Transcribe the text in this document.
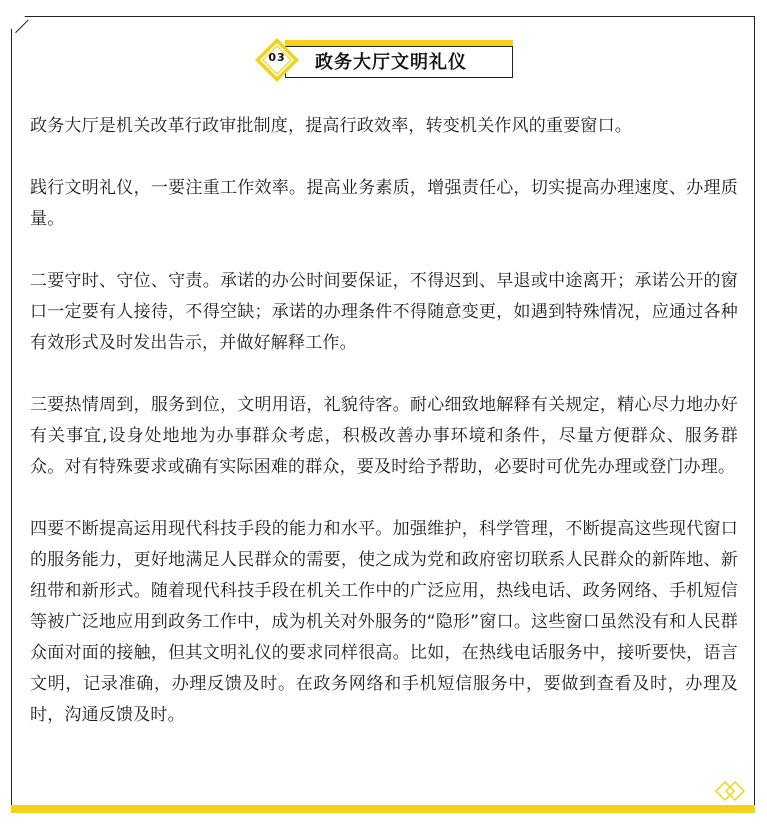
政务大厅文明礼仪
03

政务大厅是机关改革行政审批制度，提高行政效率，转变机关作风的重要窗口。

践行文明礼仪，一要注重工作效率。提高业务素质，增强责任心，切实提高办理速度、办理质量。

二要守时、守位、守责。承诺的办公时间要保证，不得迟到、早退或中途离开；承诺公开的窗口一定要有人接待，不得空缺；承诺的办理条件不得随意变更，如遇到特殊情况，应通过各种有效形式及时发出告示，并做好解释工作。

三要热情周到，服务到位，文明用语，礼貌待客。耐心细致地解释有关规定，精心尽力地办好有关事宜,设身处地地为办事群众考虑，积极改善办事环境和条件，尽量方便群众、服务群众。对有特殊要求或确有实际困难的群众，要及时给予帮助，必要时可优先办理或登门办理。

四要不断提高运用现代科技手段的能力和水平。加强维护，科学管理，不断提高这些现代窗口的服务能力，更好地满足人民群众的需要，使之成为党和政府密切联系人民群众的新阵地、新纽带和新形式。随着现代科技手段在机关工作中的广泛应用，热线电话、政务网络、手机短信等被广泛地应用到政务工作中，成为机关对外服务的“隐形”窗口。这些窗口虽然没有和人民群众面对面的接触，但其文明礼仪的要求同样很高。比如，在热线电话服务中，接听要快，语言文明，记录准确，办理反馈及时。在政务网络和手机短信服务中，要做到查看及时，办理及时，沟通反馈及时。
